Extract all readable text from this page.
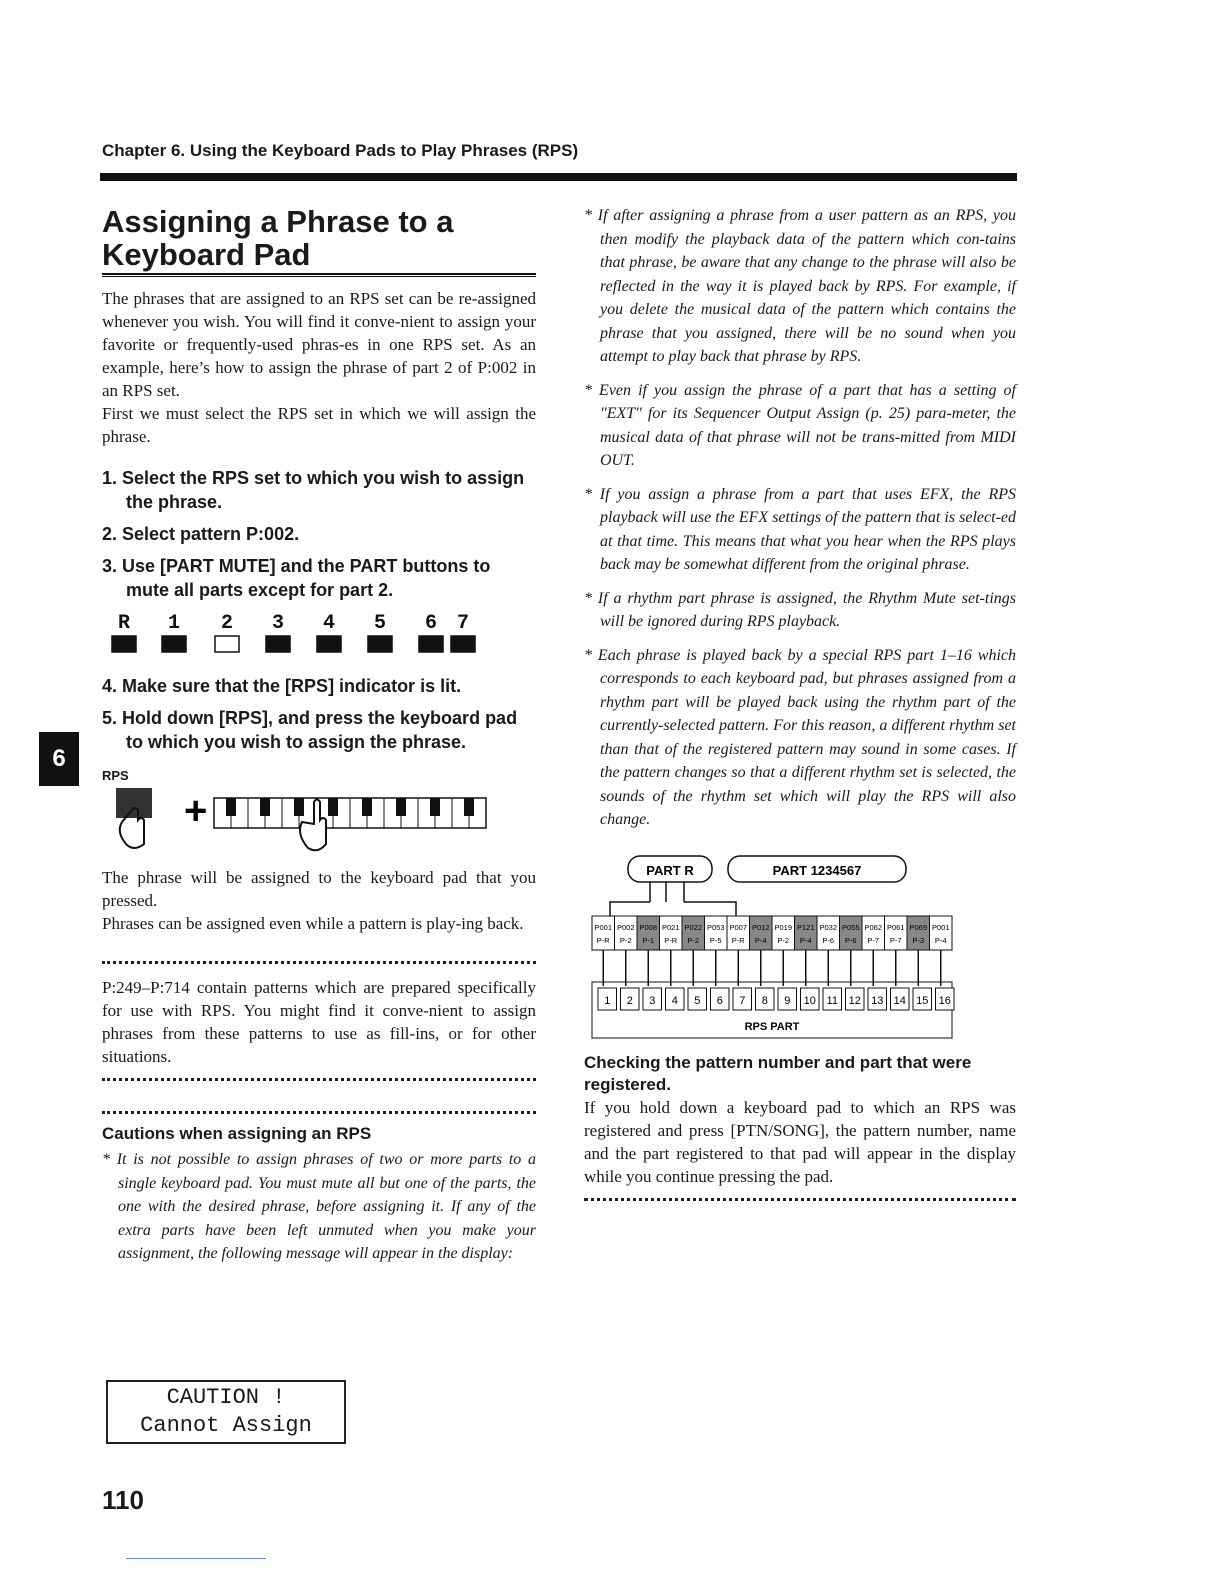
Chapter 6. Using the Keyboard Pads to Play Phrases (RPS)
6
Assigning a Phrase to a Keyboard Pad

The phrases that are assigned to an RPS set can be re-assigned whenever you wish. You will find it conve-nient to assign your favorite or frequently-used phras-es in one RPS set. As an example, here’s how to assign the phrase of part 2 of P:002 in an RPS set.

First we must select the RPS set in which we will assign the phrase.

1. Select the RPS set to which you wish to assign the phrase.
2. Select pattern P:002.
3. Use [PART MUTE] and the PART buttons to mute all parts except for part 2.
R 1 2 3 4 5 6 7
4. Make sure that the [RPS] indicator is lit.
5. Hold down [RPS], and press the keyboard pad to which you wish to assign the phrase.
RPS
+

The phrase will be assigned to the keyboard pad that you pressed.

Phrases can be assigned even while a pattern is play-ing back.

P:249–P:714 contain patterns which are prepared specifically for use with RPS. You might find it conve-nient to assign phrases from these patterns to use as fill-ins, or for other situations.

Cautions when assigning an RPS
* It is not possible to assign phrases of two or more parts to a single keyboard pad. You must mute all but one of the parts, the one with the desired phrase, before assigning it. If any of the extra parts have been left unmuted when you make your assignment, the following message will appear in the display:
CAUTION !
Cannot Assign
* If after assigning a phrase from a user pattern as an RPS, you then modify the playback data of the pattern which con-tains that phrase, be aware that any change to the phrase will also be reflected in the way it is played back by RPS. For example, if you delete the musical data of the pattern which contains the phrase that you assigned, there will be no sound when you attempt to play back that phrase by RPS.
* Even if you assign the phrase of a part that has a setting of "EXT" for its Sequencer Output Assign (p. 25) para-meter, the musical data of that phrase will not be trans-mitted from MIDI OUT.
* If you assign a phrase from a part that uses EFX, the RPS playback will use the EFX settings of the pattern that is select-ed at that time. This means that what you hear when the RPS plays back may be somewhat different from the original phrase.
* If a rhythm part phrase is assigned, the Rhythm Mute set-tings will be ignored during RPS playback.
* Each phrase is played back by a special RPS part 1–16 which corresponds to each keyboard pad, but phrases assigned from a rhythm part will be played back using the rhythm part of the currently-selected pattern. For this reason, a different rhythm set than that of the registered pattern may sound in some cases. If the pattern changes so that a different rhythm set is selected, the sounds of the rhythm set which will play the RPS will also change.
PART R	PART 1234567
P001
P-R
P002
P-2
P008
P-1
P021
P-R
P022
P-2
P053
P-5
P007
P-R
P012
P-4
P019
P-2
P121
P-4
P032
P-6
P055
P-6
P062
P-7
P061
P-7
P069
P-3
P001
P-4
1 2 3 4 5 6 7 8 9 10 11 12 13 14 15 16
RPS PART
Checking the pattern number and part that were registered.

If you hold down a keyboard pad to which an RPS was registered and press [PTN/SONG], the pattern number, name and the part registered to that pad will appear in the display while you continue pressing the pad.

110
